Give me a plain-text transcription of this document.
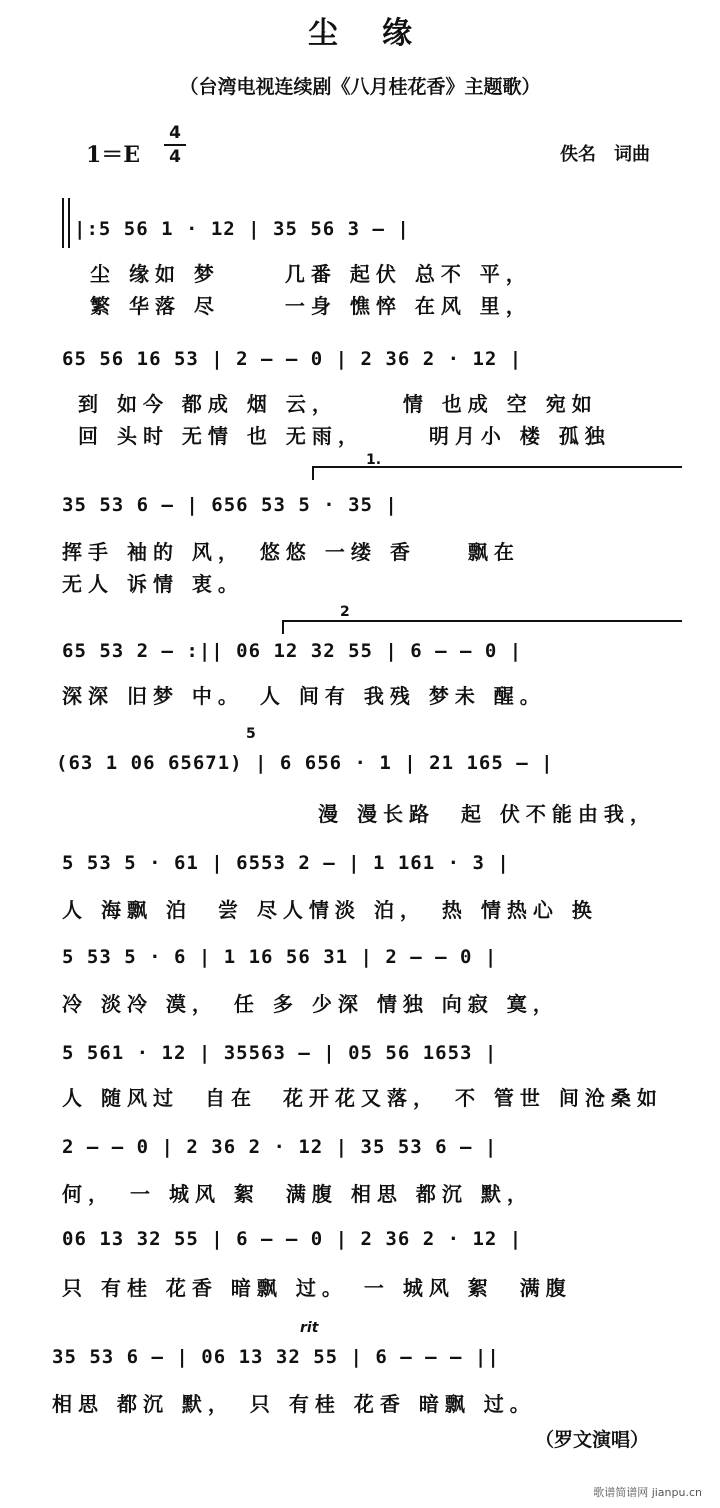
尘缘
（台湾电视连续剧《八月桂花香》主题歌）
1＝E
4
4	佚名　词曲
|:5 56 1 · 12 | 35 56 3 — |
尘 缘如 梦 　　几番 起伏 总不 平，
繁 华落 尽 　　一身 憔悴 在风 里，
65 56 16 53 | 2 — — 0 | 2 36 2 · 12 |
到 如今 都成 烟 云， 　　情 也成 空 宛如
回 头时 无情 也 无雨， 　　明月小 楼 孤独
1.
35 53 6 — | 656 53 5 · 35 |
挥手 袖的 风，　悠悠 一缕 香　　飘在
无人 诉情 衷。
2
65 53 2 — :|| 06 12 32 55 | 6 — — 0 |
深深 旧梦 中。　人 间有 我残 梦未 醒。
5
(63 1 06 65671) | 6 656 · 1 | 21 165 — |
漫 漫长路　起 伏不能由我，
5 53 5 · 61 | 6553 2 — | 1 161 · 3 |
人 海飘 泊　尝 尽人情淡 泊，　热 情热心 换
5 53 5 · 6 | 1 16 56 31 | 2 — — 0 |
冷 淡冷 漠，　任 多 少深 情独 向寂 寞，
5 561 · 12 | 35563 — | 05 56 1653 |
人 随风过　自在　花开花又落，　不 管世 间沧桑如
2 — — 0 | 2 36 2 · 12 | 35 53 6 — |
何，　一 城风 絮　满腹 相思 都沉 默，
06 13 32 55 | 6 — — 0 | 2 36 2 · 12 |
只 有桂 花香 暗飘 过。　一 城风 絮　满腹
rit
35 53 6 — | 06 13 32 55 | 6 — — — ||
相思 都沉 默，　只 有桂 花香 暗飘 过。
（罗文演唱）
歌谱简谱网 jianpu.cn
